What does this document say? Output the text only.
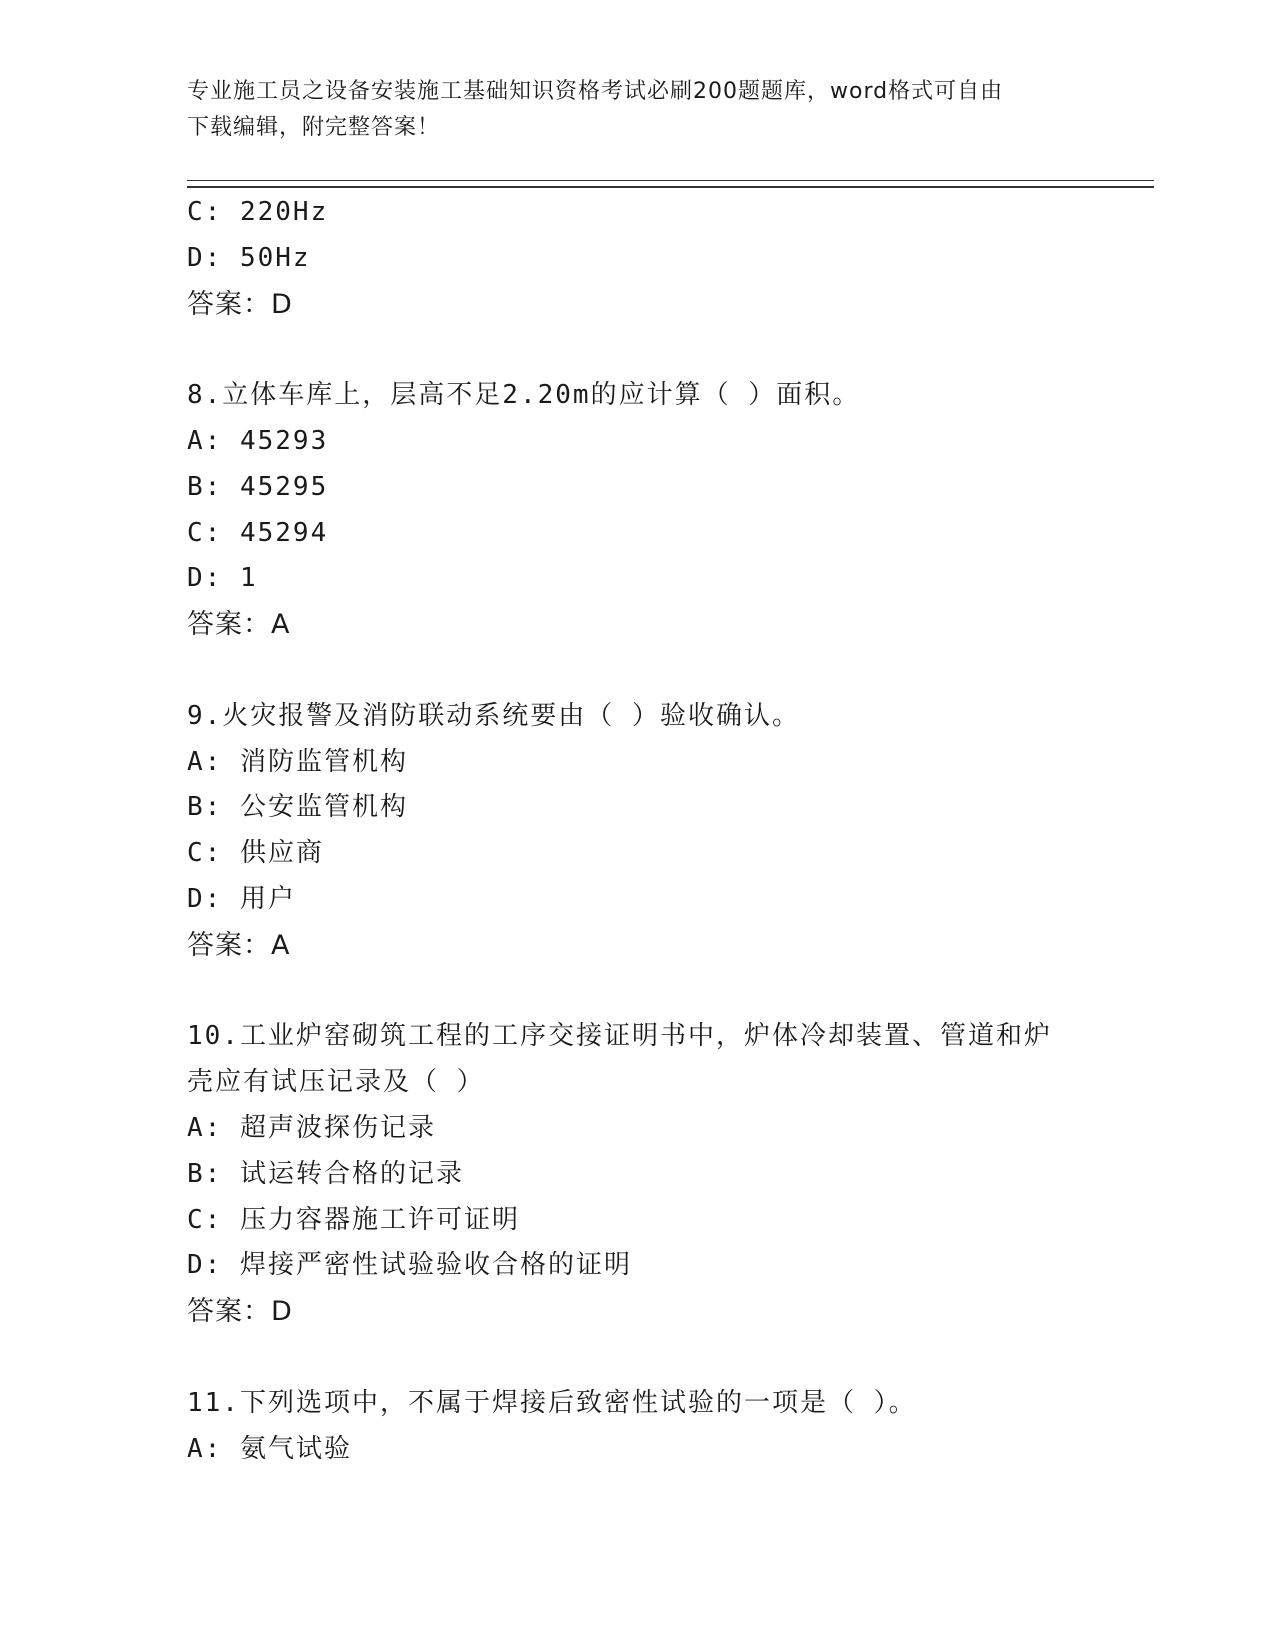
专业施工员之设备安装施工基础知识资格考试必刷200题题库，word格式可自由
下载编辑，附完整答案！
C: 220Hz
D: 50Hz
答案：D
8.立体车库上，层高不足2.20m的应计算（ ）面积。
A: 45293
B: 45295
C: 45294
D: 1
答案：A
9.火灾报警及消防联动系统要由（ ）验收确认。
A: 消防监管机构
B: 公安监管机构
C: 供应商
D: 用户
答案：A
10.工业炉窑砌筑工程的工序交接证明书中，炉体冷却装置、管道和炉
壳应有试压记录及（ ）
A: 超声波探伤记录
B: 试运转合格的记录
C: 压力容器施工许可证明
D: 焊接严密性试验验收合格的证明
答案：D
11.下列选项中，不属于焊接后致密性试验的一项是（ ）。
A: 氨气试验
